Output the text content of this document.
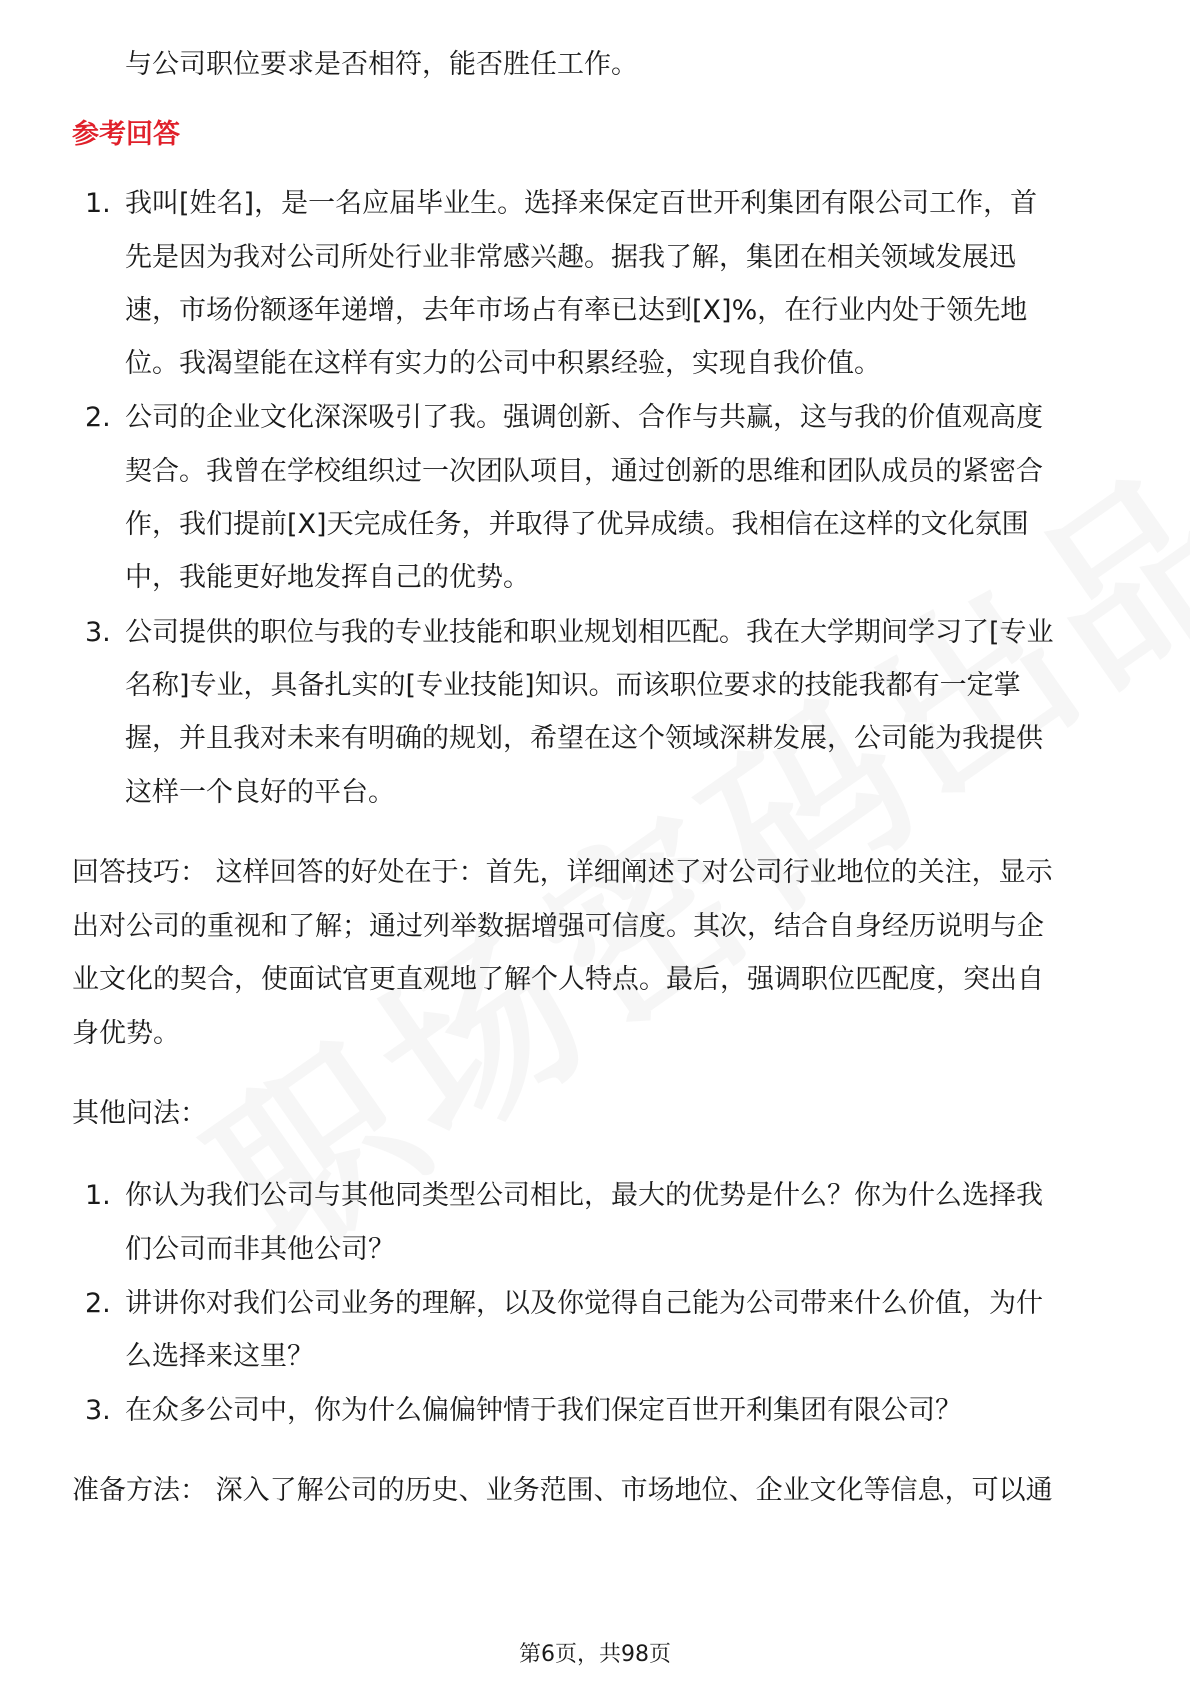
与公司职位要求是否相符，能否胜任工作。
参考回答
1. 我叫[姓名]，是一名应届毕业生。选择来保定百世开利集团有限公司工作，首
先是因为我对公司所处行业非常感兴趣。据我了解，集团在相关领域发展迅
速，市场份额逐年递增，去年市场占有率已达到[X]%，在行业内处于领先地
位。我渴望能在这样有实力的公司中积累经验，实现自我价值。
2. 公司的企业文化深深吸引了我。强调创新、合作与共赢，这与我的价值观高度
契合。我曾在学校组织过一次团队项目，通过创新的思维和团队成员的紧密合
作，我们提前[X]天完成任务，并取得了优异成绩。我相信在这样的文化氛围
中，我能更好地发挥自己的优势。
3. 公司提供的职位与我的专业技能和职业规划相匹配。我在大学期间学习了[专业
名称]专业，具备扎实的[专业技能]知识。而该职位要求的技能我都有一定掌
握，并且我对未来有明确的规划，希望在这个领域深耕发展，公司能为我提供
这样一个良好的平台。
回答技巧： 这样回答的好处在于：首先，详细阐述了对公司行业地位的关注，显示
出对公司的重视和了解；通过列举数据增强可信度。其次，结合自身经历说明与企
业文化的契合，使面试官更直观地了解个人特点。最后，强调职位匹配度，突出自
身优势。
其他问法：
1. 你认为我们公司与其他同类型公司相比，最大的优势是什么？你为什么选择我
们公司而非其他公司？
2. 讲讲你对我们公司业务的理解，以及你觉得自己能为公司带来什么价值，为什
么选择来这里？
3. 在众多公司中，你为什么偏偏钟情于我们保定百世开利集团有限公司？
准备方法： 深入了解公司的历史、业务范围、市场地位、企业文化等信息，可以通
第6页，共98页
